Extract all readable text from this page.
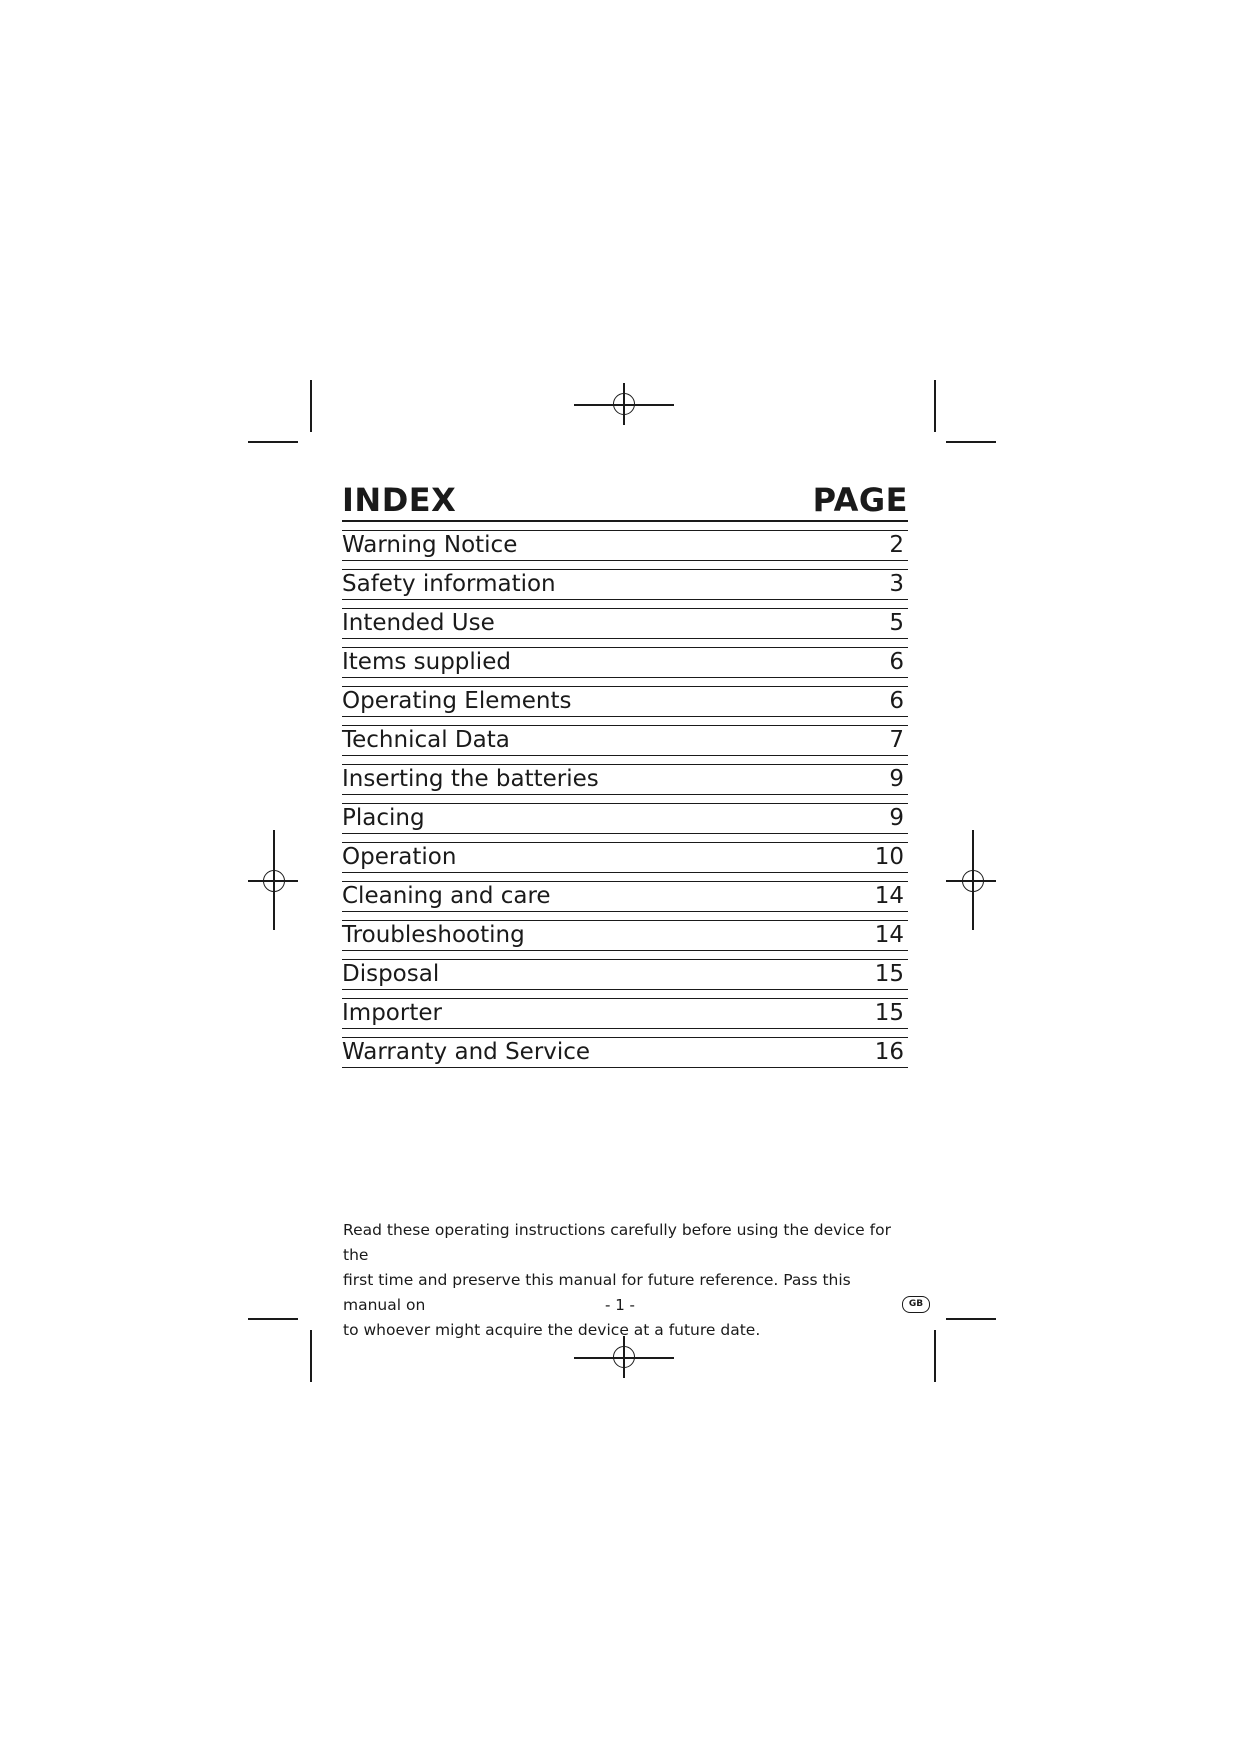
INDEX	PAGE
Warning Notice	2
Safety information	3
Intended Use	5
Items supplied	6
Operating Elements	6
Technical Data	7
Inserting the batteries	9
Placing	9
Operation	10
Cleaning and care	14
Troubleshooting	14
Disposal	15
Importer	15
Warranty and Service	16
Read these operating instructions carefully before using the device for the
first time and preserve this manual for future reference. Pass this manual on
to whoever might acquire the device at a future date.
- 1 -	GB
